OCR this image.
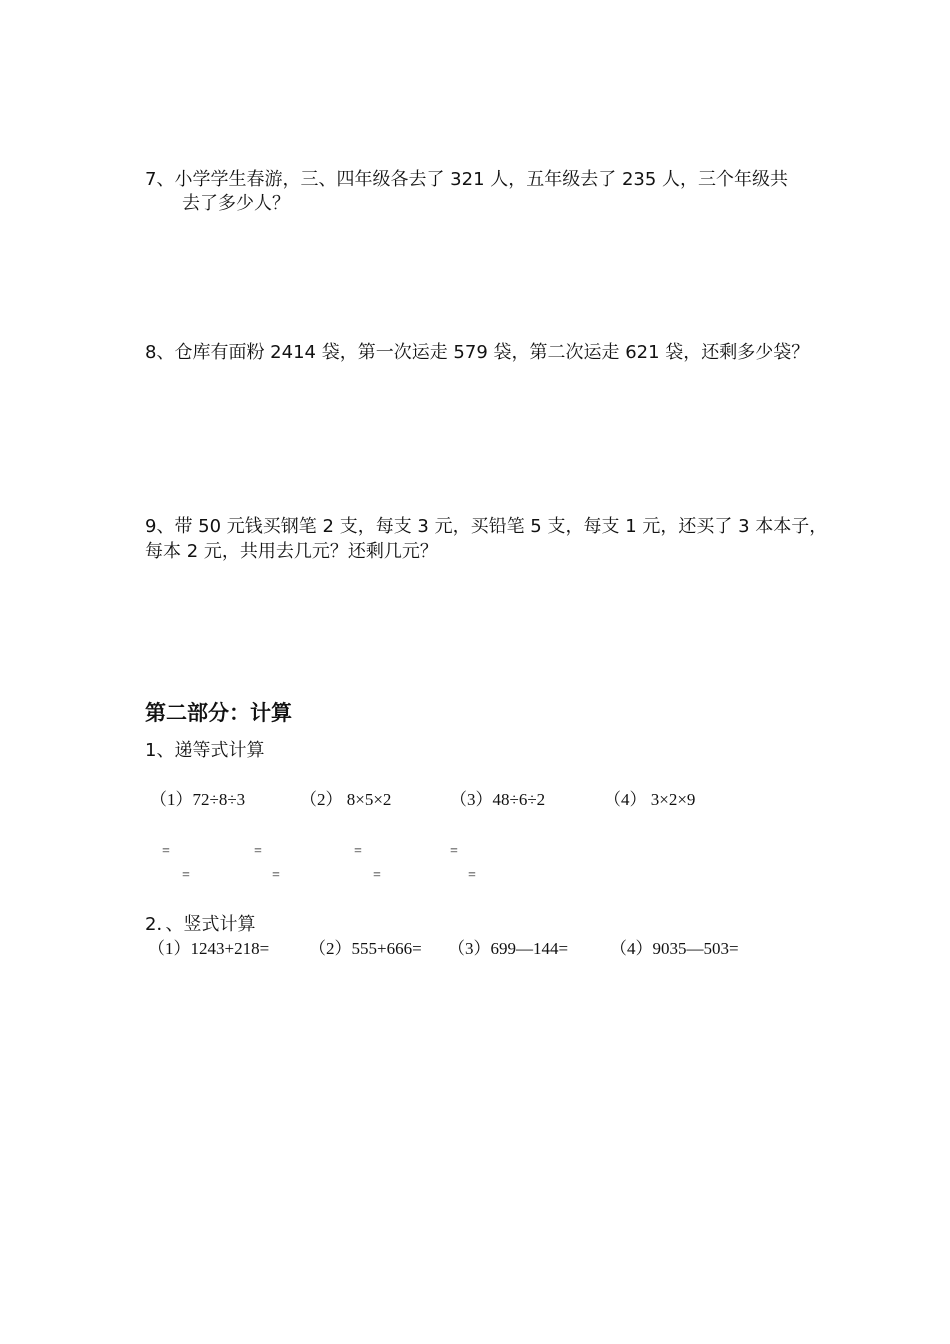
7、小学学生春游，三、四年级各去了 321 人，五年级去了 235 人，三个年级共
去了多少人？
8、仓库有面粉 2414 袋，第一次运走 579 袋，第二次运走 621 袋，还剩多少袋？
9、带 50 元钱买钢笔 2 支，每支 3 元，买铅笔 5 支，每支 1 元，还买了 3 本本子，
每本 2 元，共用去几元？还剩几元？
第二部分：计算
1、递等式计算
（1）72÷8÷3	（2） 8×5×2	（3）48÷6÷2	（4） 3×2×9
=	=	=	=
=	=	=	=
2．、竖式计算
（1）1243+218= （2）555+666= （3）699—144= （4）9035—503=
